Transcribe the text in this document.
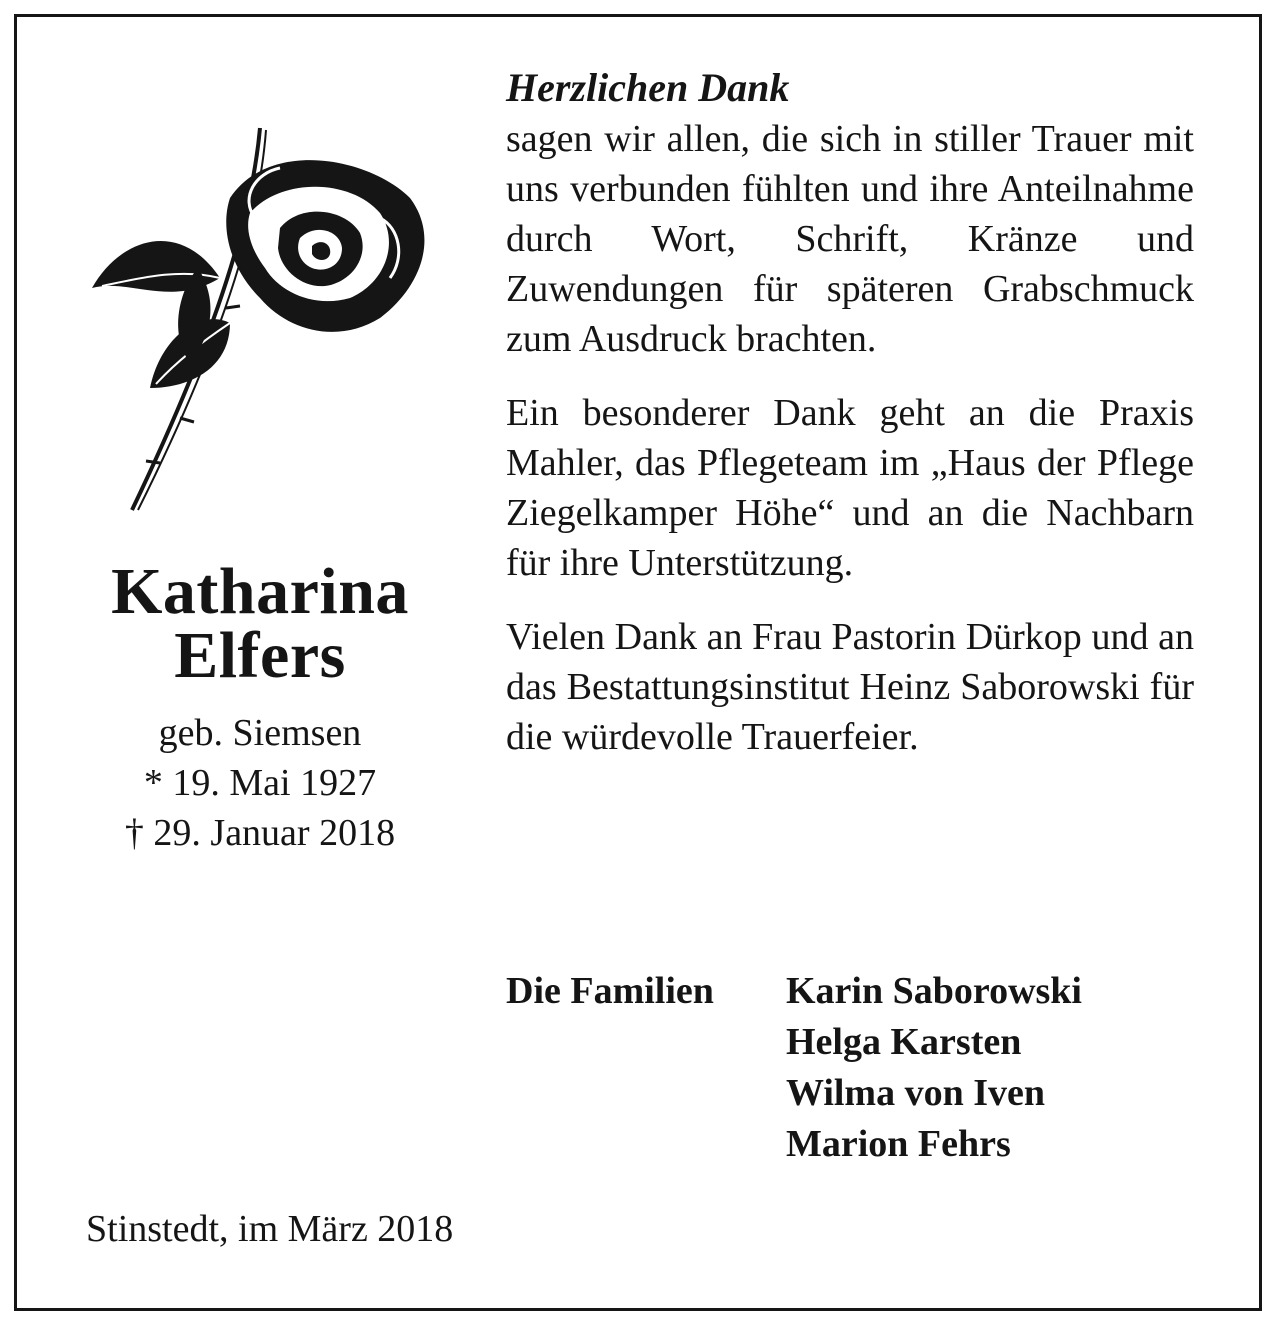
Katharina
Elfers
geb. Siemsen
* 19. Mai 1927
† 29. Januar 2018
Herzlichen Dank

sagen wir allen, die sich in stiller Trauer mit uns verbunden fühlten und ihre Anteilnahme durch Wort, Schrift, Kränze und Zuwendungen für späteren Grabschmuck zum Ausdruck brachten.

Ein besonderer Dank geht an die Praxis Mahler, das Pflegeteam im „Haus der Pflege Ziegelkamper Höhe“ und an die Nachbarn für ihre Unterstützung.

Vielen Dank an Frau Pastorin Dürkop und an das Bestattungsinstitut Heinz Saborowski für die würdevolle Trauerfeier.

Die Familien Karin Saborowski
Helga Karsten
Wilma von Iven
Marion Fehrs
Stinstedt, im März 2018
